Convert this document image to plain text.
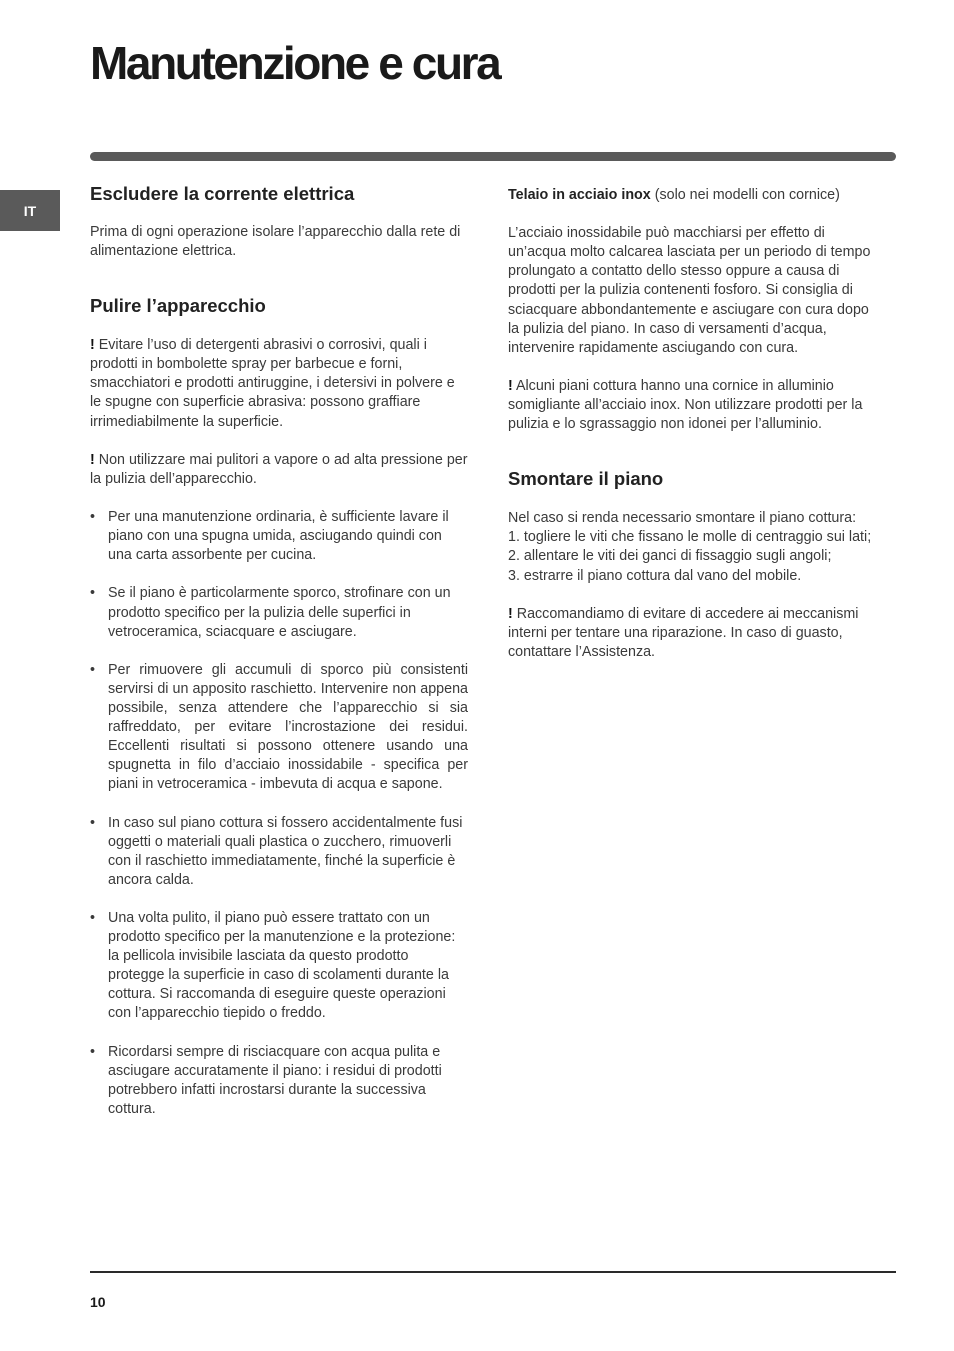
Manutenzione e cura
IT
Escludere la corrente elettrica

Prima di ogni operazione isolare l’apparecchio dalla rete di alimentazione elettrica.

Pulire l’apparecchio

! Evitare l’uso di detergenti abrasivi o corrosivi, quali i prodotti in bombolette spray per barbecue e forni, smacchiatori e prodotti antiruggine, i detersivi in polvere e le spugne con superficie abrasiva: possono graffiare irrimediabilmente la superficie.

! Non utilizzare mai pulitori a vapore o ad alta pressione per la pulizia dell’apparecchio.

• Per una manutenzione ordinaria, è sufficiente lavare il piano con una spugna umida, asciugando quindi con una carta assorbente per cucina.
• Se il piano è particolarmente sporco, strofinare con un prodotto specifico per la pulizia delle superfici in vetroceramica, sciacquare e asciugare.
• Per rimuovere gli accumuli di sporco più consistenti servirsi di un apposito raschietto. Intervenire non appena possibile, senza attendere che l’apparecchio si sia raffreddato, per evitare l’incrostazione dei residui. Eccellenti risultati si possono ottenere usando una spugnetta in filo d’acciaio inossidabile - specifica per piani in vetroceramica - imbevuta di acqua e sapone.
• In caso sul piano cottura si fossero accidentalmente fusi oggetti o materiali quali plastica o zucchero, rimuoverli con il raschietto immediatamente, finché la superficie è ancora calda.
• Una volta pulito, il piano può essere trattato con un prodotto specifico per la manutenzione e la protezione: la pellicola invisibile lasciata da questo prodotto protegge la superficie in caso di scolamenti durante la cottura. Si raccomanda di eseguire queste operazioni con l’apparecchio tiepido o freddo.
• Ricordarsi sempre di risciacquare con acqua pulita e asciugare accuratamente il piano: i residui di prodotti potrebbero infatti incrostarsi durante la successiva cottura.

Telaio in acciaio inox (solo nei modelli con cornice)

L’acciaio inossidabile può macchiarsi per effetto di un’acqua molto calcarea lasciata per un periodo di tempo prolungato a contatto dello stesso oppure a causa di prodotti per la pulizia contenenti fosforo. Si consiglia di sciacquare abbondantemente e asciugare con cura dopo la pulizia del piano. In caso di versamenti d’acqua, intervenire rapidamente asciugando con cura.

! Alcuni piani cottura hanno una cornice in alluminio somigliante all’acciaio inox. Non utilizzare prodotti per la pulizia e lo sgrassaggio non idonei per l’alluminio.

Smontare il piano

Nel caso si renda necessario smontare il piano cottura:

1. togliere le viti che fissano le molle di centraggio sui lati;

2. allentare le viti dei ganci di fissaggio sugli angoli;

3. estrarre il piano cottura dal vano del mobile.

! Raccomandiamo di evitare di accedere ai meccanismi interni per tentare una riparazione. In caso di guasto, contattare l’Assistenza.

10
